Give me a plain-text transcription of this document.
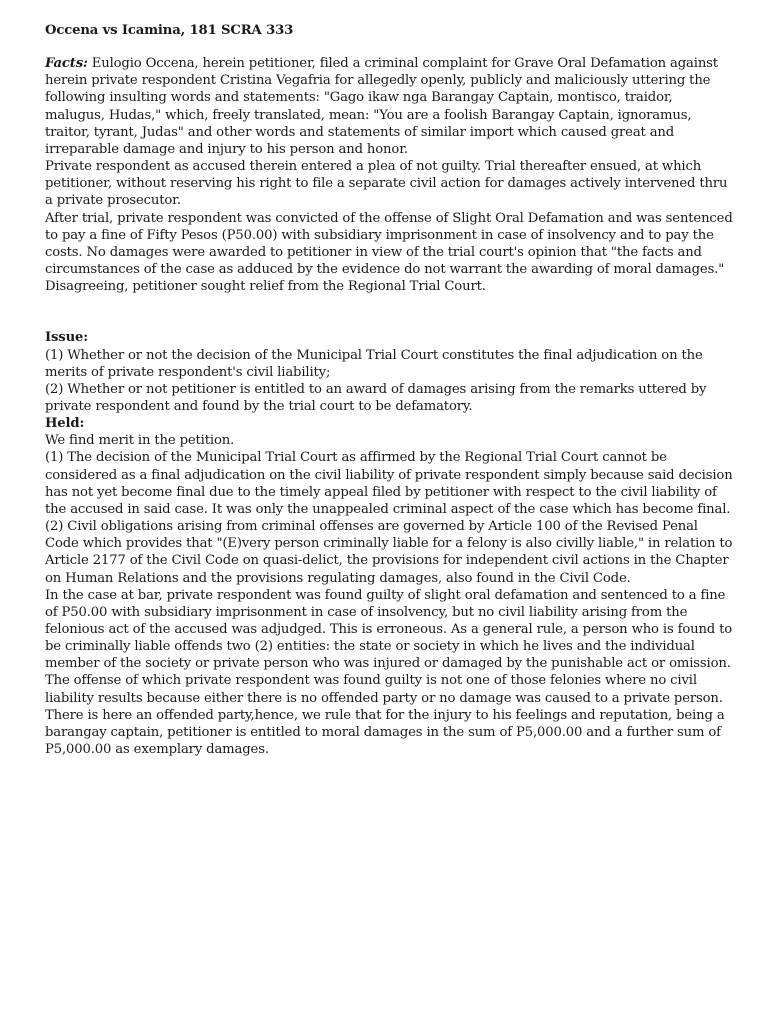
Occena vs Icamina, 181 SCRA 333

Facts: Eulogio Occena, herein petitioner, filed a criminal complaint for Grave Oral Defamation against herein private respondent Cristina Vegafria for allegedly openly, publicly and maliciously uttering the following insulting words and statements: "Gago ikaw nga Barangay Captain, montisco, traidor, malugus, Hudas," which, freely translated, mean: "You are a foolish Barangay Captain, ignoramus, traitor, tyrant, Judas" and other words and statements of similar import which caused great and irreparable damage and injury to his person and honor.

Private respondent as accused therein entered a plea of not guilty. Trial thereafter ensued, at which petitioner, without reserving his right to file a separate civil action for damages actively intervened thru a private prosecutor.

After trial, private respondent was convicted of the offense of Slight Oral Defamation and was sentenced to pay a fine of Fifty Pesos (P50.00) with subsidiary imprisonment in case of insolvency and to pay the costs. No damages were awarded to petitioner in view of the trial court's opinion that "the facts and circumstances of the case as adduced by the evidence do not warrant the awarding of moral damages."

Disagreeing, petitioner sought relief from the Regional Trial Court.

Issue:

(1) Whether or not the decision of the Municipal Trial Court constitutes the final adjudication on the merits of private respondent's civil liability;

(2) Whether or not petitioner is entitled to an award of damages arising from the remarks uttered by private respondent and found by the trial court to be defamatory.

Held:

We find merit in the petition.

(1) The decision of the Municipal Trial Court as affirmed by the Regional Trial Court cannot be considered as a final adjudication on the civil liability of private respondent simply because said decision has not yet become final due to the timely appeal filed by petitioner with respect to the civil liability of the accused in said case. It was only the unappealed criminal aspect of the case which has become final.

(2) Civil obligations arising from criminal offenses are governed by Article 100 of the Revised Penal Code which provides that "(E)very person criminally liable for a felony is also civilly liable," in relation to Article 2177 of the Civil Code on quasi-delict, the provisions for independent civil actions in the Chapter on Human Relations and the provisions regulating damages, also found in the Civil Code.

In the case at bar, private respondent was found guilty of slight oral defamation and sentenced to a fine of P50.00 with subsidiary imprisonment in case of insolvency, but no civil liability arising from the felonious act of the accused was adjudged. This is erroneous. As a general rule, a person who is found to be criminally liable offends two (2) entities: the state or society in which he lives and the individual member of the society or private person who was injured or damaged by the punishable act or omission. The offense of which private respondent was found guilty is not one of those felonies where no civil liability results because either there is no offended party or no damage was caused to a private person. There is here an offended party,hence, we rule that for the injury to his feelings and reputation, being a barangay captain, petitioner is entitled to moral damages in the sum of P5,000.00 and a further sum of P5,000.00 as exemplary damages.
